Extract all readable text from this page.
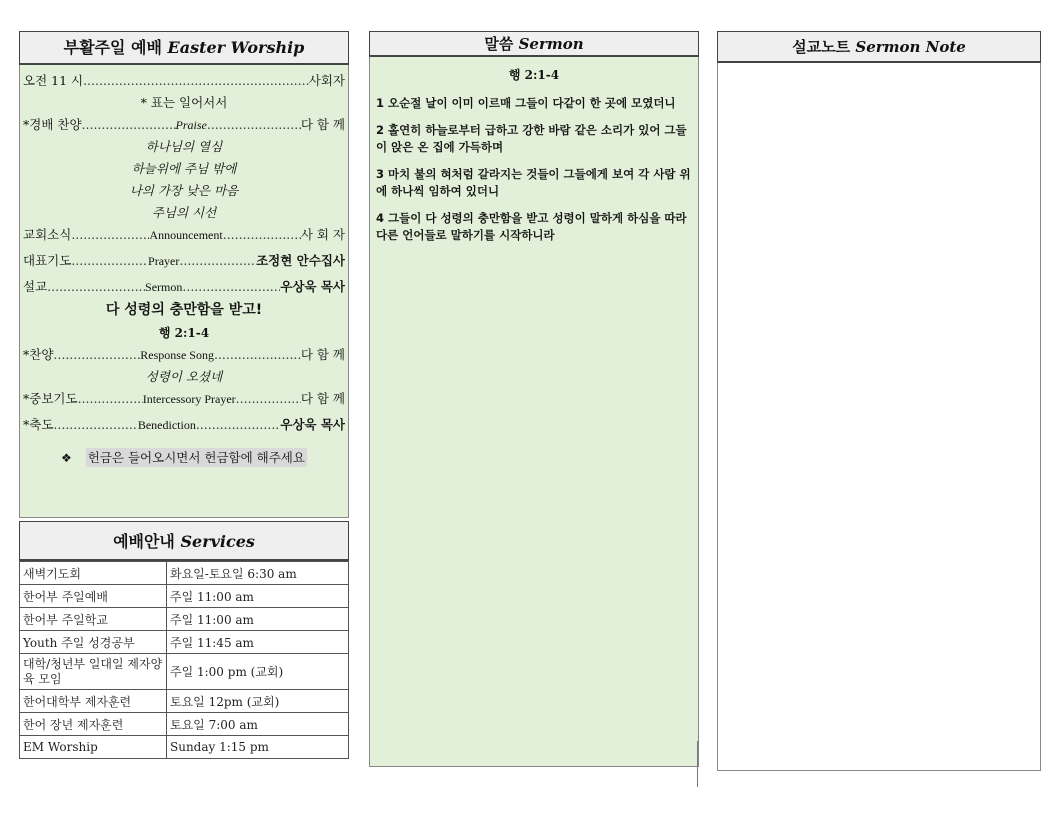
부활주일 예배 Easter Worship
오전 11 시 .....	사회자
* 표는 일어서서
*경배 찬양 .....	Praise .....	다 함 께
하나님의 열심
하늘위에 주님 밖에
나의 가장 낮은 마음
주님의 시선
교회소식 .....	Announcement .....	사 회 자
대표기도 .....	Prayer .....	조정현 안수집사
설교 .....	Sermon .....	우상욱 목사
다 성령의 충만함을 받고!
행 2:1-4
*찬양 .....	Response Song .....	다 함 께
성령이 오셨네
*중보기도 .....	Intercessory Prayer .....	다 함 께
*축도 .....	Benediction .....	우상욱 목사
❖ 헌금은 들어오시면서 헌금함에 해주세요
예배안내 Services
새벽기도회	화요일-토요일 6:30 am
한어부 주일예배	주일 11:00 am
한어부 주일학교	주일 11:00 am
Youth 주일 성경공부	주일 11:45 am
대학/청년부 일대일 제자양육 모임	주일 1:00 pm (교회)
한어대학부 제자훈련	토요일 12pm (교회)
한어 장년 제자훈련	토요일 7:00 am
EM Worship	Sunday 1:15 pm
말씀 Sermon
행 2:1-4
1 오순절 날이 이미 이르매 그들이 다같이 한 곳에 모였더니
2 홀연히 하늘로부터 급하고 강한 바람 같은 소리가 있어 그들이 앉은 온 집에 가득하며
3 마치 불의 혀처럼 갈라지는 것들이 그들에게 보여 각 사람 위에 하나씩 임하여 있더니
4 그들이 다 성령의 충만함을 받고 성령이 말하게 하심을 따라 다른 언어들로 말하기를 시작하니라
설교노트 Sermon Note
